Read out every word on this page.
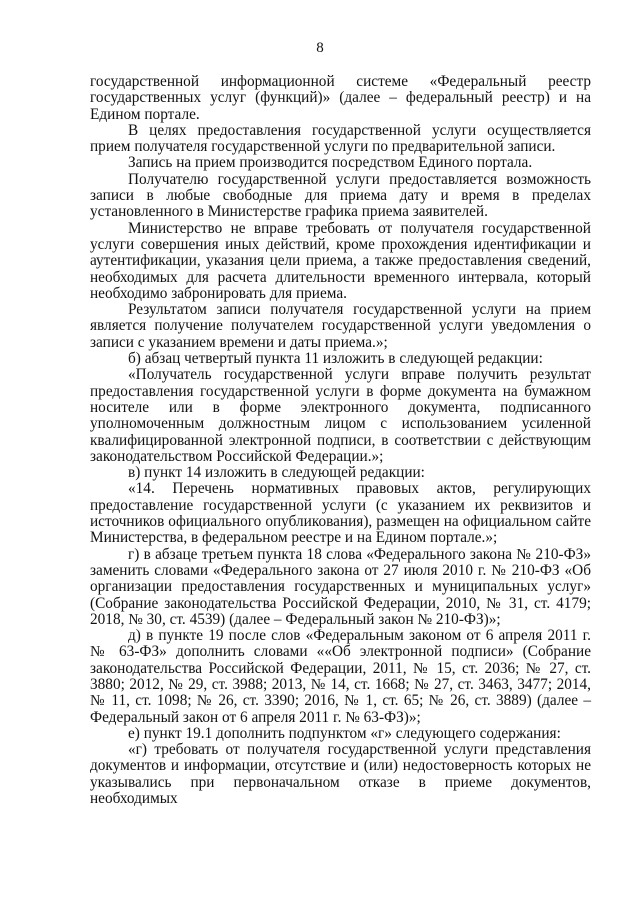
8

государственной информационной системе «Федеральный реестр государственных услуг (функций)» (далее – федеральный реестр) и на Едином портале.

В целях предоставления государственной услуги осуществляется прием получателя государственной услуги по предварительной записи.

Запись на прием производится посредством Единого портала.

Получателю государственной услуги предоставляется возможность записи в любые свободные для приема дату и время в пределах установленного в Министерстве графика приема заявителей.

Министерство не вправе требовать от получателя государственной услуги совершения иных действий, кроме прохождения идентификации и аутентификации, указания цели приема, а также предоставления сведений, необходимых для расчета длительности временного интервала, который необходимо забронировать для приема.

Результатом записи получателя государственной услуги на прием является получение получателем государственной услуги уведомления о записи с указанием времени и даты приема.»;

б) абзац четвертый пункта 11 изложить в следующей редакции:

«Получатель государственной услуги вправе получить результат предоставления государственной услуги в форме документа на бумажном носителе или в форме электронного документа, подписанного уполномоченным должностным лицом с использованием усиленной квалифицированной электронной подписи, в соответствии с действующим законодательством Российской Федерации.»;

в) пункт 14 изложить в следующей редакции:

«14. Перечень нормативных правовых актов, регулирующих предоставление государственной услуги (с указанием их реквизитов и источников официального опубликования), размещен на официальном сайте Министерства, в федеральном реестре и на Едином портале.»;

г) в абзаце третьем пункта 18 слова «Федерального закона № 210-ФЗ» заменить словами «Федерального закона от 27 июля 2010 г. № 210-ФЗ «Об организации предоставления государственных и муниципальных услуг» (Собрание законодательства Российской Федерации, 2010, № 31, ст. 4179; 2018, № 30, ст. 4539) (далее – Федеральный закон № 210-ФЗ)»;

д) в пункте 19 после слов «Федеральным законом от 6 апреля 2011 г. № 63-ФЗ» дополнить словами ««Об электронной подписи» (Собрание законодательства Российской Федерации, 2011, № 15, ст. 2036; № 27, ст. 3880; 2012, № 29, ст. 3988; 2013, № 14, ст. 1668; № 27, ст. 3463, 3477; 2014, № 11, ст. 1098; № 26, ст. 3390; 2016, № 1, ст. 65; № 26, ст. 3889) (далее – Федеральный закон от 6 апреля 2011 г. № 63-ФЗ)»;

е) пункт 19.1 дополнить подпунктом «г» следующего содержания:

«г) требовать от получателя государственной услуги представления документов и информации, отсутствие и (или) недостоверность которых не указывались при первоначальном отказе в приеме документов, необходимых
